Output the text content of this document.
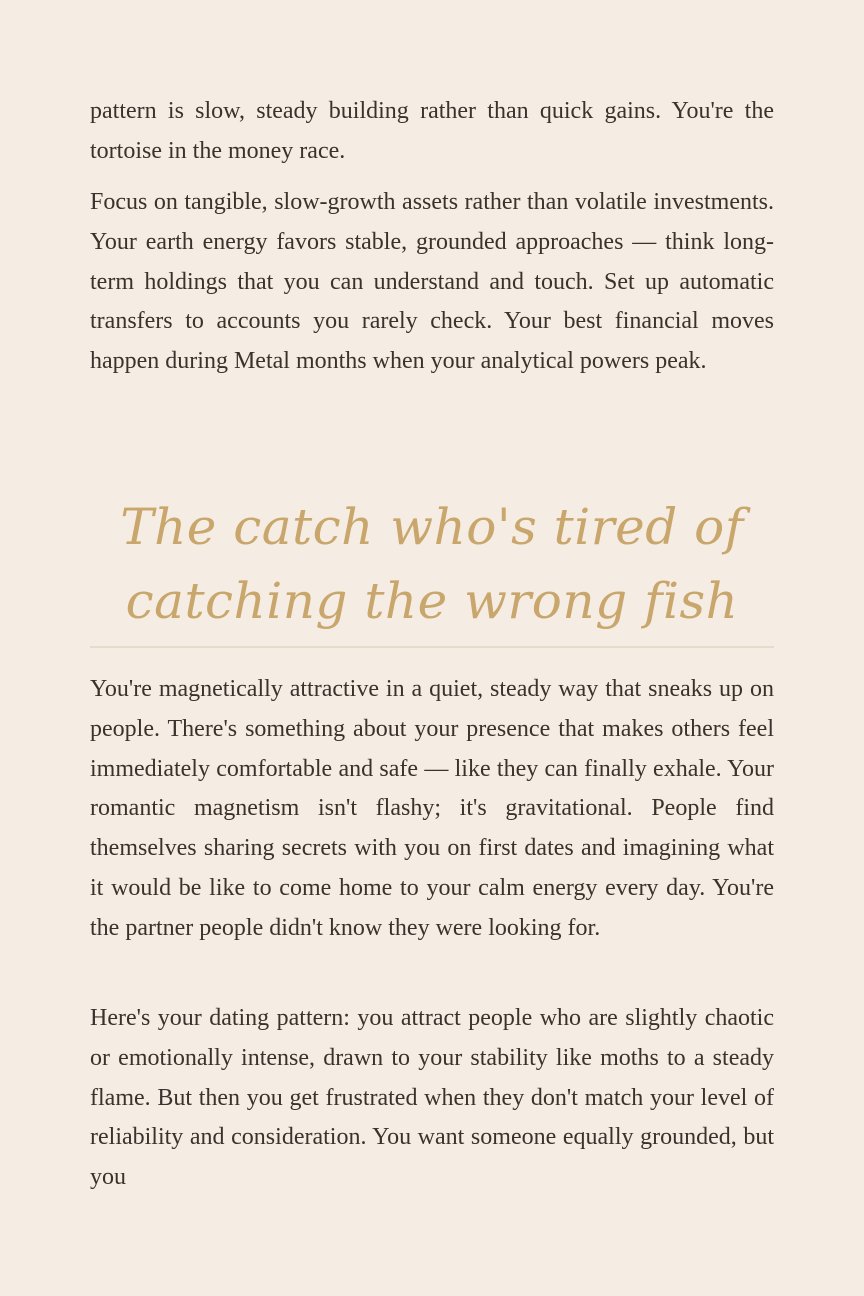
pattern is slow, steady building rather than quick gains. You're the tortoise in the money race.

Focus on tangible, slow-growth assets rather than volatile investments. Your earth energy favors stable, grounded approaches — think long-term holdings that you can understand and touch. Set up automatic transfers to accounts you rarely check. Your best financial moves happen during Metal months when your analytical powers peak.

The catch who's tired of catching the wrong fish

You're magnetically attractive in a quiet, steady way that sneaks up on people. There's something about your presence that makes others feel immediately comfortable and safe — like they can finally exhale. Your romantic magnetism isn't flashy; it's gravitational. People find themselves sharing secrets with you on first dates and imagining what it would be like to come home to your calm energy every day. You're the partner people didn't know they were looking for.

Here's your dating pattern: you attract people who are slightly chaotic or emotionally intense, drawn to your stability like moths to a steady flame. But then you get frustrated when they don't match your level of reliability and consideration. You want someone equally grounded, but you
